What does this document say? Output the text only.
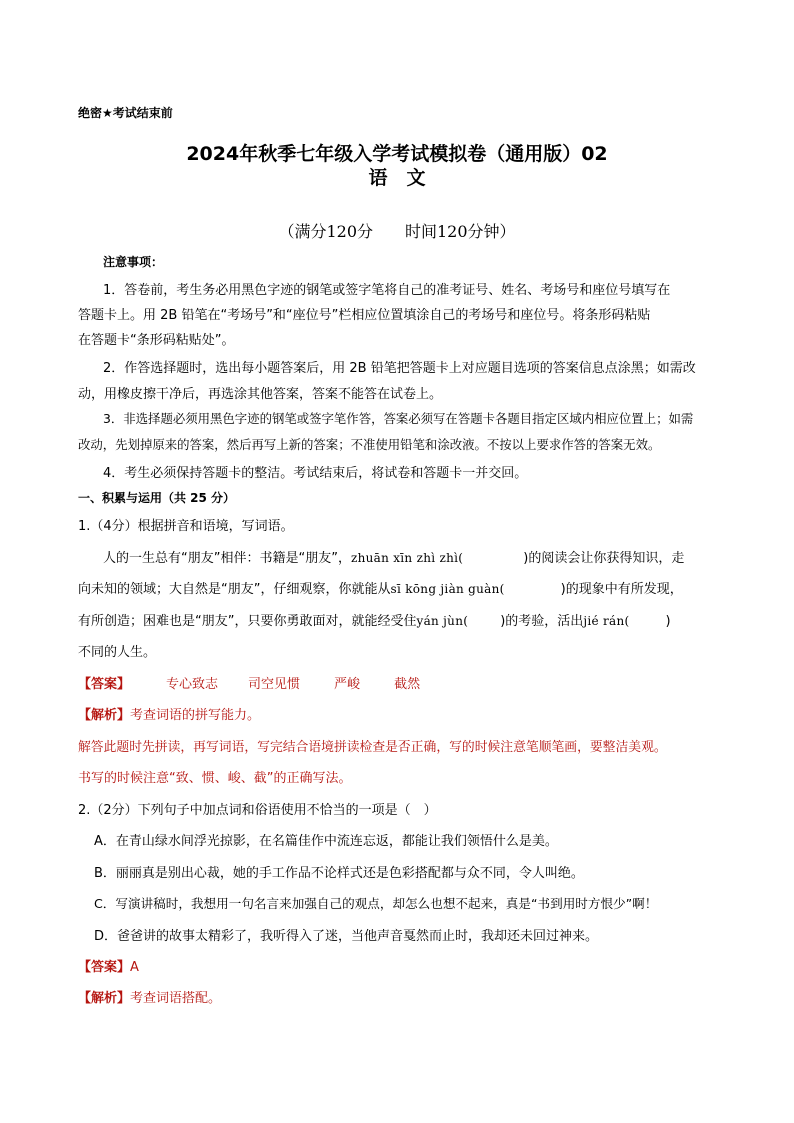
绝密★考试结束前
2024年秋季七年级入学考试模拟卷（通用版）02
语　文
（满分120分　　时间120分钟）
注意事项：
1．答卷前，考生务必用黑色字迹的钢笔或签字笔将自己的准考证号、姓名、考场号和座位号填写在
答题卡上。用 2B 铅笔在“考场号”和“座位号”栏相应位置填涂自己的考场号和座位号。将条形码粘贴
在答题卡“条形码粘贴处”。
2．作答选择题时，选出每小题答案后，用 2B 铅笔把答题卡上对应题目选项的答案信息点涂黑；如需改
动，用橡皮擦干净后，再选涂其他答案，答案不能答在试卷上。
3．非选择题必须用黑色字迹的钢笔或签字笔作答，答案必须写在答题卡各题目指定区域内相应位置上；如需
改动，先划掉原来的答案，然后再写上新的答案；不准使用铅笔和涂改液。不按以上要求作答的答案无效。
4．考生必须保持答题卡的整洁。考试结束后，将试卷和答题卡一并交回。
一、积累与运用（共 25 分）
1.（4分）根据拼音和语境，写词语。
人的一生总有“朋友”相伴：书籍是“朋友”，zhuān xīn zhì zhì(	)的阅读会让你获得知识，走
向未知的领域；大自然是“朋友”，仔细观察，你就能从sī kōng jiàn guàn(	)的现象中有所发现，
有所创造；困难也是“朋友”，只要你勇敢面对，就能经受住yán jùn( )的考验，活出jié rán(	)
不同的人生。
【答案】	专心致志 司空见惯	严峻	截然
【解析】考查词语的拼写能力。
解答此题时先拼读，再写词语，写完结合语境拼读检查是否正确，写的时候注意笔顺笔画，要整洁美观。
书写的时候注意“致、惯、峻、截”的正确写法。
2.（2分）下列句子中加点词和俗语使用不恰当的一项是（　）
A．在青山绿水间浮光掠影，在名篇佳作中流连忘返，都能让我们领悟什么是美。
B．丽丽真是别出心裁，她的手工作品不论样式还是色彩搭配都与众不同，令人叫绝。
C．写演讲稿时，我想用一句名言来加强自己的观点，却怎么也想不起来，真是“书到用时方恨少”啊！
D．爸爸讲的故事太精彩了，我听得入了迷，当他声音戛然而止时，我却还未回过神来。
【答案】A
【解析】考查词语搭配。
